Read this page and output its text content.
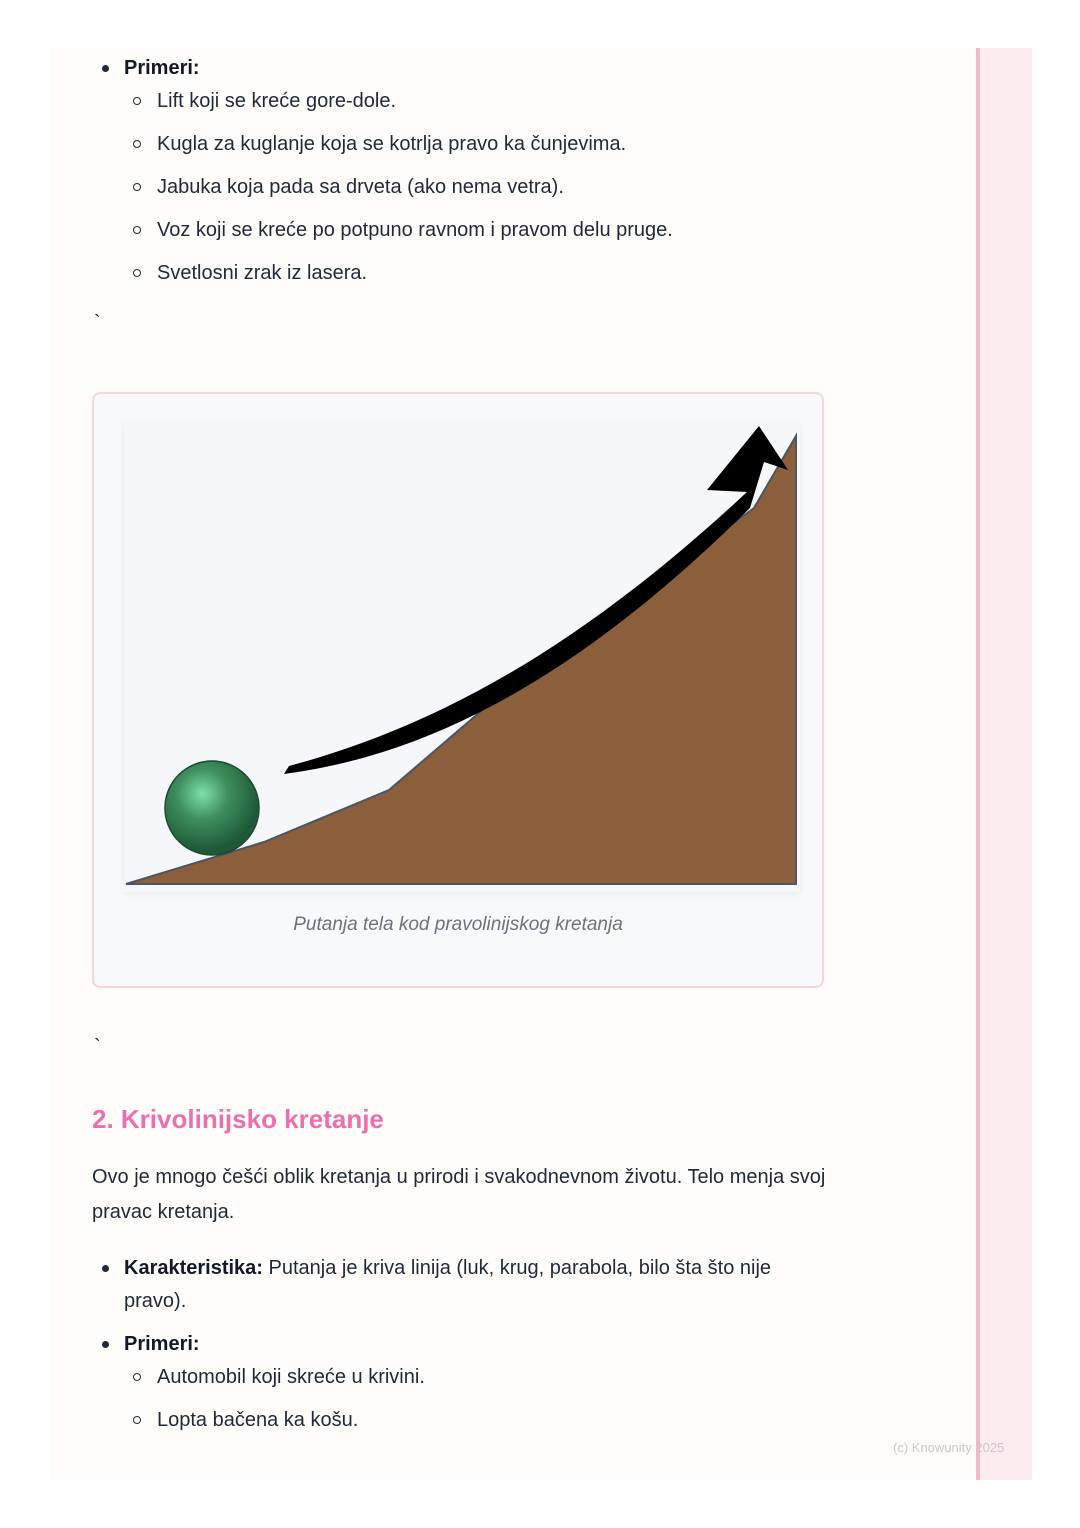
Primeri:
Lift koji se kreće gore-dole.
Kugla za kuglanje koja se kotrlja pravo ka čunjevima.
Jabuka koja pada sa drveta (ako nema vetra).
Voz koji se kreće po potpuno ravnom i pravom delu pruge.
Svetlosni zrak iz lasera.
`
Putanja tela kod pravolinijskog kretanja
`
2. Krivolinijsko kretanje

Ovo je mnogo češći oblik kretanja u prirodi i svakodnevnom životu. Telo menja svoj pravac kretanja.

Karakteristika: Putanja je kriva linija (luk, krug, parabola, bilo šta što nije pravo).
Primeri:
Automobil koji skreće u krivini.
Lopta bačena ka košu.
(c) Knowunity 2025
